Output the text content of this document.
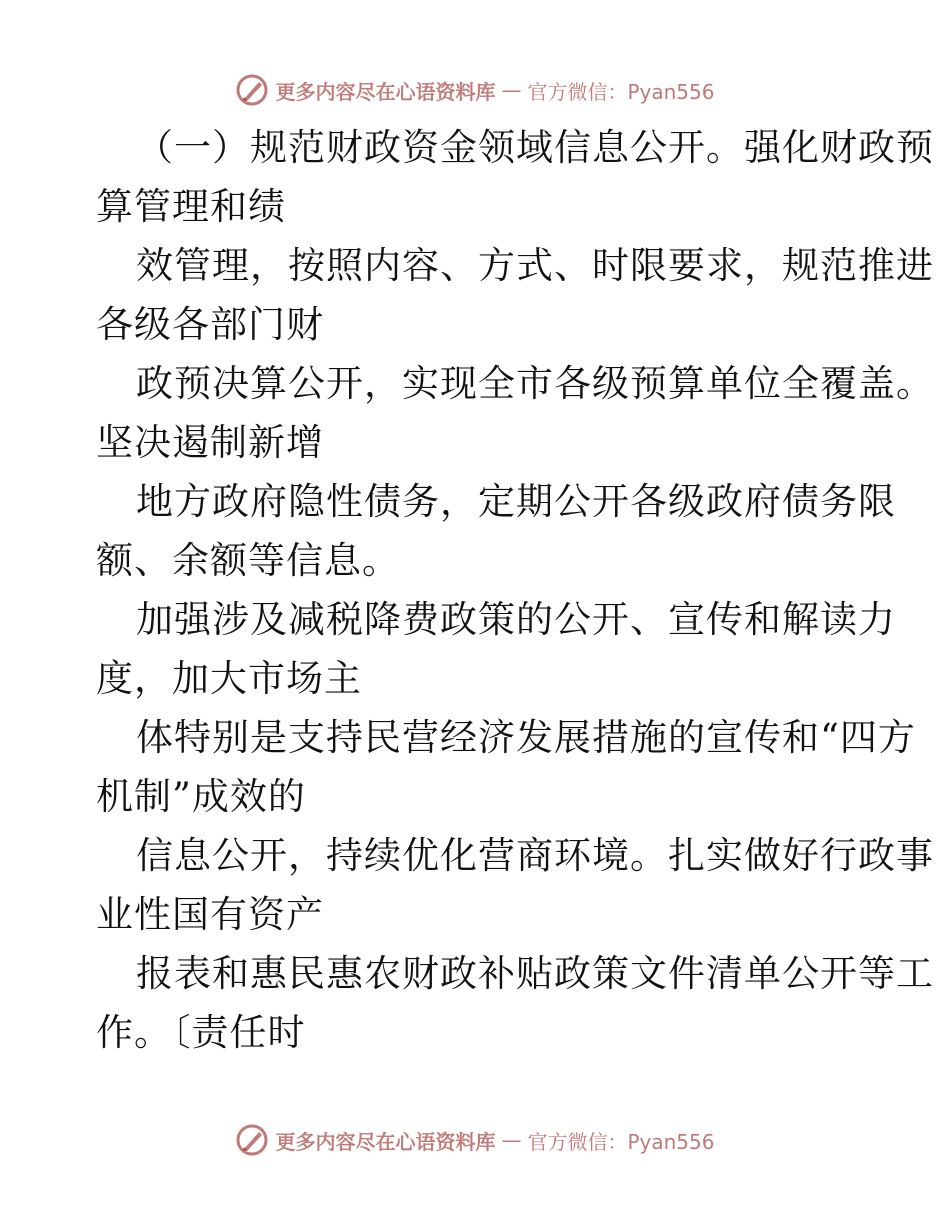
更多内容尽在心语资料库 — 官方微信：Pyan556

（一）规范财政资金领域信息公开。强化财政预

算管理和绩

效管理，按照内容、方式、时限要求，规范推进

各级各部门财

政预决算公开，实现全市各级预算单位全覆盖。

坚决遏制新增

地方政府隐性债务，定期公开各级政府债务限

额、余额等信息。

加强涉及减税降费政策的公开、宣传和解读力

度，加大市场主

体特别是支持民营经济发展措施的宣传和“四方

机制”成效的

信息公开，持续优化营商环境。扎实做好行政事

业性国有资产

报表和惠民惠农财政补贴政策文件清单公开等工

作。〔责任时

更多内容尽在心语资料库 — 官方微信：Pyan556
